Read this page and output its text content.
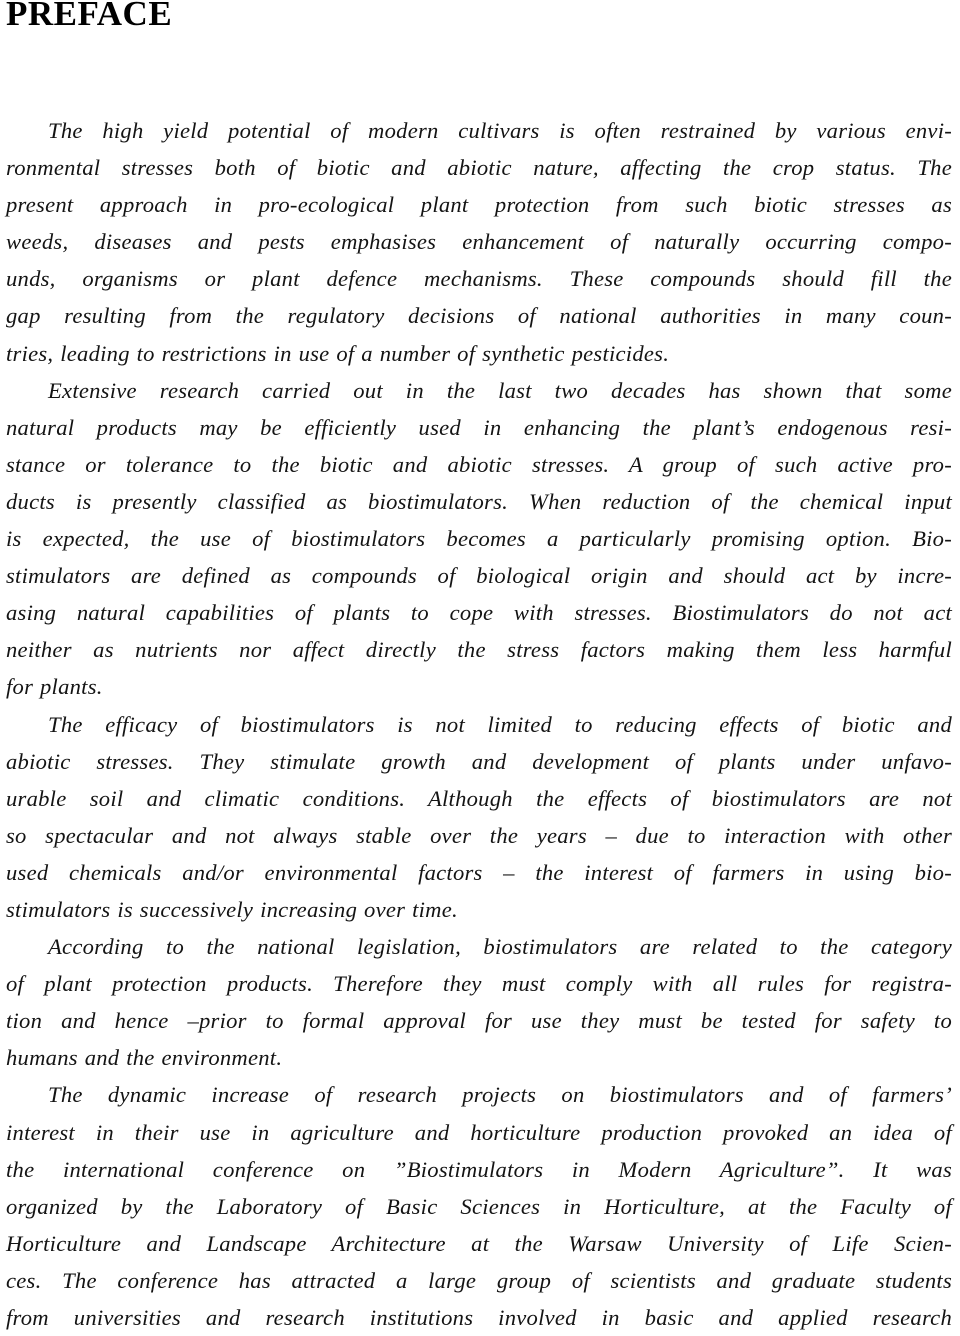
PREFACE
The high yield potential of modern cultivars is often restrained by various envi-
ronmental stresses both of biotic and abiotic nature, affecting the crop status. The
present approach in pro-ecological plant protection from such biotic stresses as
weeds, diseases and pests emphasises enhancement of naturally occurring compo-
unds, organisms or plant defence mechanisms. These compounds should fill the
gap resulting from the regulatory decisions of national authorities in many coun-
tries, leading to restrictions in use of a number of synthetic pesticides.
Extensive research carried out in the last two decades has shown that some
natural products may be efficiently used in enhancing the plant’s endogenous resi-
stance or tolerance to the biotic and abiotic stresses. A group of such active pro-
ducts is presently classified as biostimulators. When reduction of the chemical input
is expected, the use of biostimulators becomes a particularly promising option. Bio-
stimulators are defined as compounds of biological origin and should act by incre-
asing natural capabilities of plants to cope with stresses. Biostimulators do not act
neither as nutrients nor affect directly the stress factors making them less harmful
for plants.
The efficacy of biostimulators is not limited to reducing effects of biotic and
abiotic stresses. They stimulate growth and development of plants under unfavo-
urable soil and climatic conditions. Although the effects of biostimulators are not
so spectacular and not always stable over the years – due to interaction with other
used chemicals and/or environmental factors – the interest of farmers in using bio-
stimulators is successively increasing over time.
According to the national legislation, biostimulators are related to the category
of plant protection products. Therefore they must comply with all rules for registra-
tion and hence –prior to formal approval for use they must be tested for safety to
humans and the environment.
The dynamic increase of research projects on biostimulators and of farmers’
interest in their use in agriculture and horticulture production provoked an idea of
the international conference on ”Biostimulators in Modern Agriculture”. It was
organized by the Laboratory of Basic Sciences in Horticulture, at the Faculty of
Horticulture and Landscape Architecture at the Warsaw University of Life Scien-
ces. The conference has attracted a large group of scientists and graduate students
from universities and research institutions involved in basic and applied research
